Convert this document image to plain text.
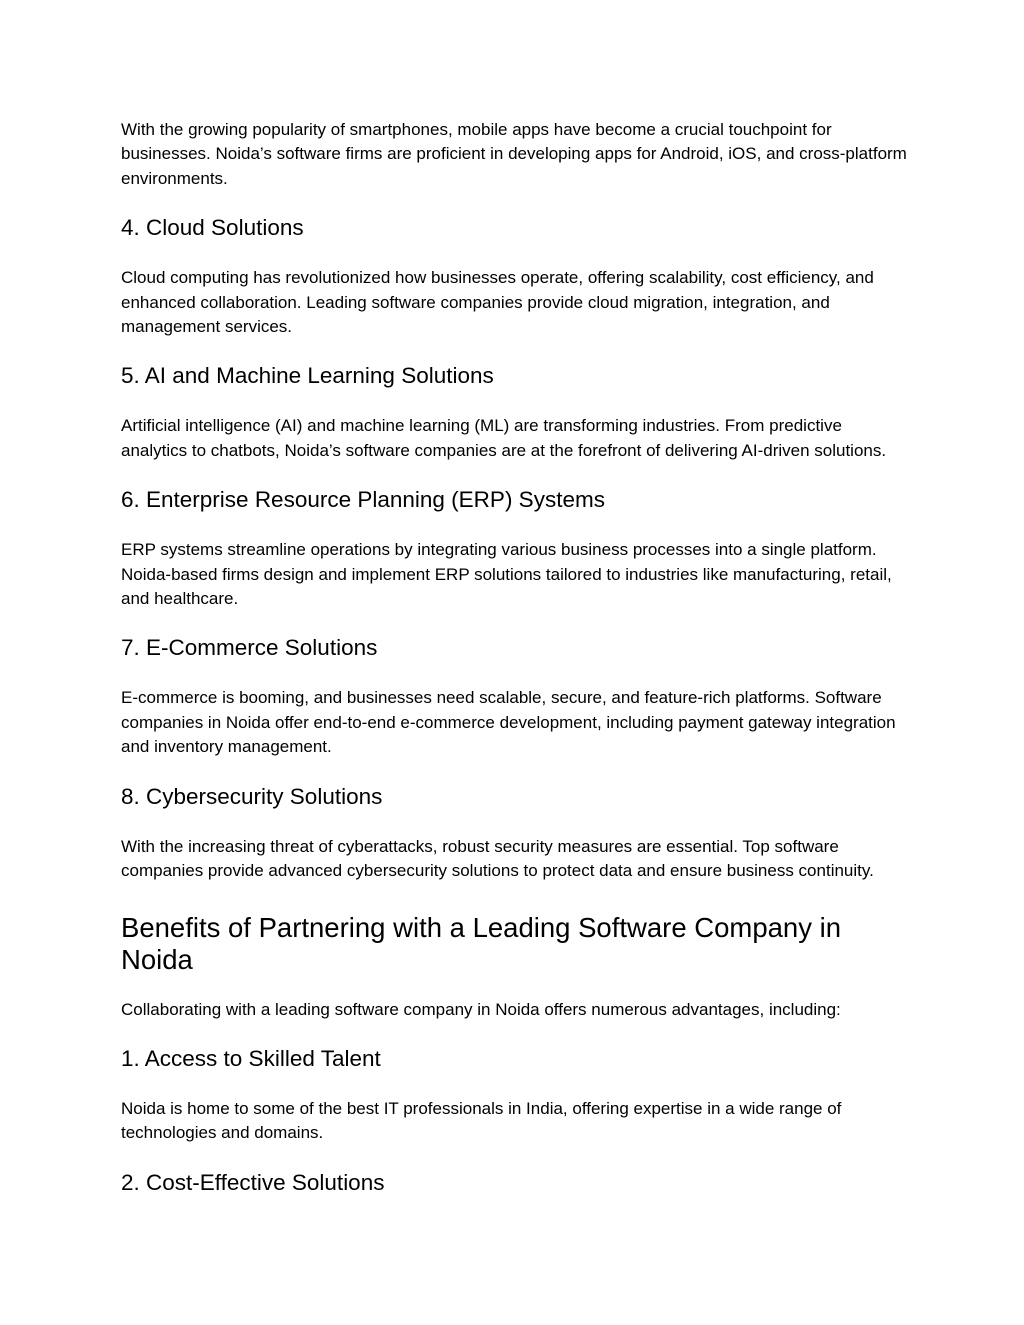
With the growing popularity of smartphones, mobile apps have become a crucial touchpoint for businesses. Noida’s software firms are proficient in developing apps for Android, iOS, and cross-platform environments.

4. Cloud Solutions

Cloud computing has revolutionized how businesses operate, offering scalability, cost efficiency, and enhanced collaboration. Leading software companies provide cloud migration, integration, and management services.

5. AI and Machine Learning Solutions

Artificial intelligence (AI) and machine learning (ML) are transforming industries. From predictive analytics to chatbots, Noida’s software companies are at the forefront of delivering AI-driven solutions.

6. Enterprise Resource Planning (ERP) Systems

ERP systems streamline operations by integrating various business processes into a single platform. Noida-based firms design and implement ERP solutions tailored to industries like manufacturing, retail, and healthcare.

7. E-Commerce Solutions

E-commerce is booming, and businesses need scalable, secure, and feature-rich platforms. Software companies in Noida offer end-to-end e-commerce development, including payment gateway integration and inventory management.

8. Cybersecurity Solutions

With the increasing threat of cyberattacks, robust security measures are essential. Top software companies provide advanced cybersecurity solutions to protect data and ensure business continuity.

Benefits of Partnering with a Leading Software Company in Noida

Collaborating with a leading software company in Noida offers numerous advantages, including:

1. Access to Skilled Talent

Noida is home to some of the best IT professionals in India, offering expertise in a wide range of technologies and domains.

2. Cost-Effective Solutions
